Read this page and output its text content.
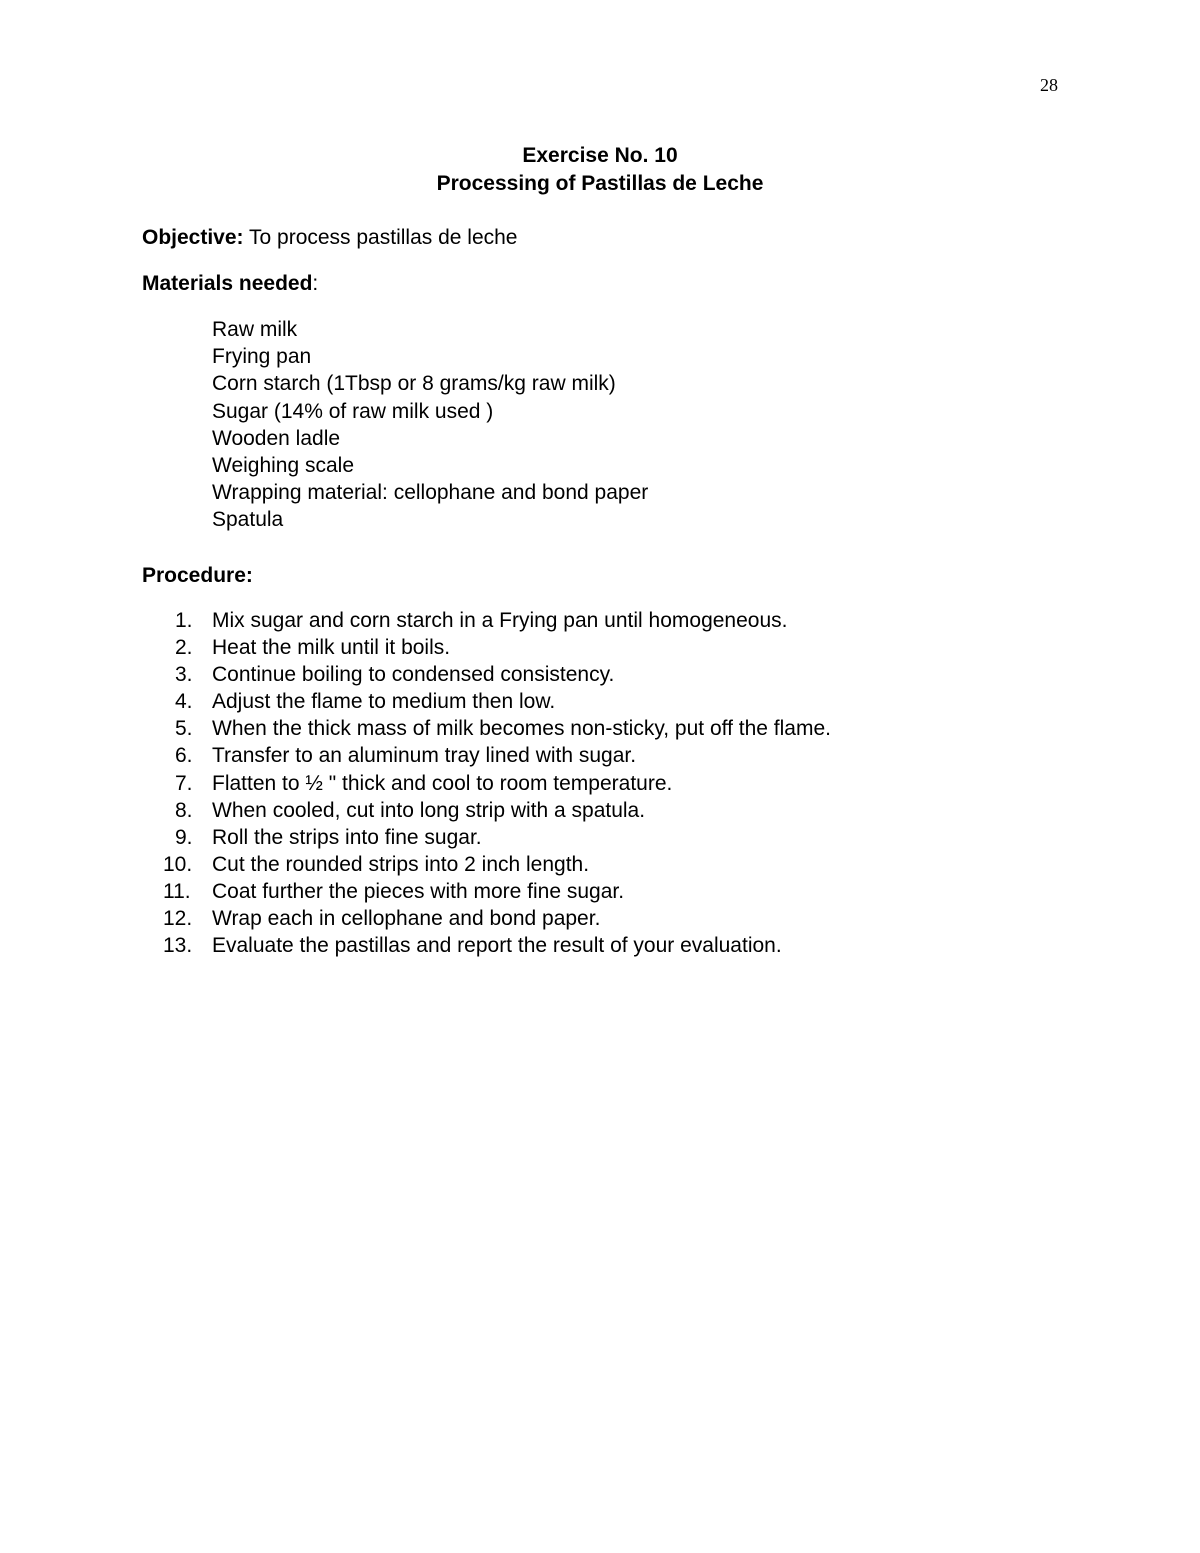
28
Exercise No. 10
Processing of Pastillas de Leche
Objective: To process pastillas de leche
Materials needed:
Raw milk
Frying pan
Corn starch (1Tbsp or 8 grams/kg raw milk)
Sugar (14% of raw milk used )
Wooden ladle
Weighing scale
Wrapping material: cellophane and bond paper
Spatula
Procedure:
1. Mix sugar and corn starch in a Frying pan until homogeneous.
2. Heat the milk until it boils.
3. Continue boiling to condensed consistency.
4. Adjust the flame to medium then low.
5. When the thick mass of milk becomes non-sticky, put off the flame.
6. Transfer to an aluminum tray lined with sugar.
7. Flatten to ½ " thick and cool to room temperature.
8. When cooled, cut into long strip with a spatula.
9. Roll the strips into fine sugar.
10. Cut the rounded strips into 2 inch length.
11.	Coat further the pieces with more fine sugar.
12. Wrap each in cellophane and bond paper.
13. Evaluate the pastillas and report the result of your evaluation.
